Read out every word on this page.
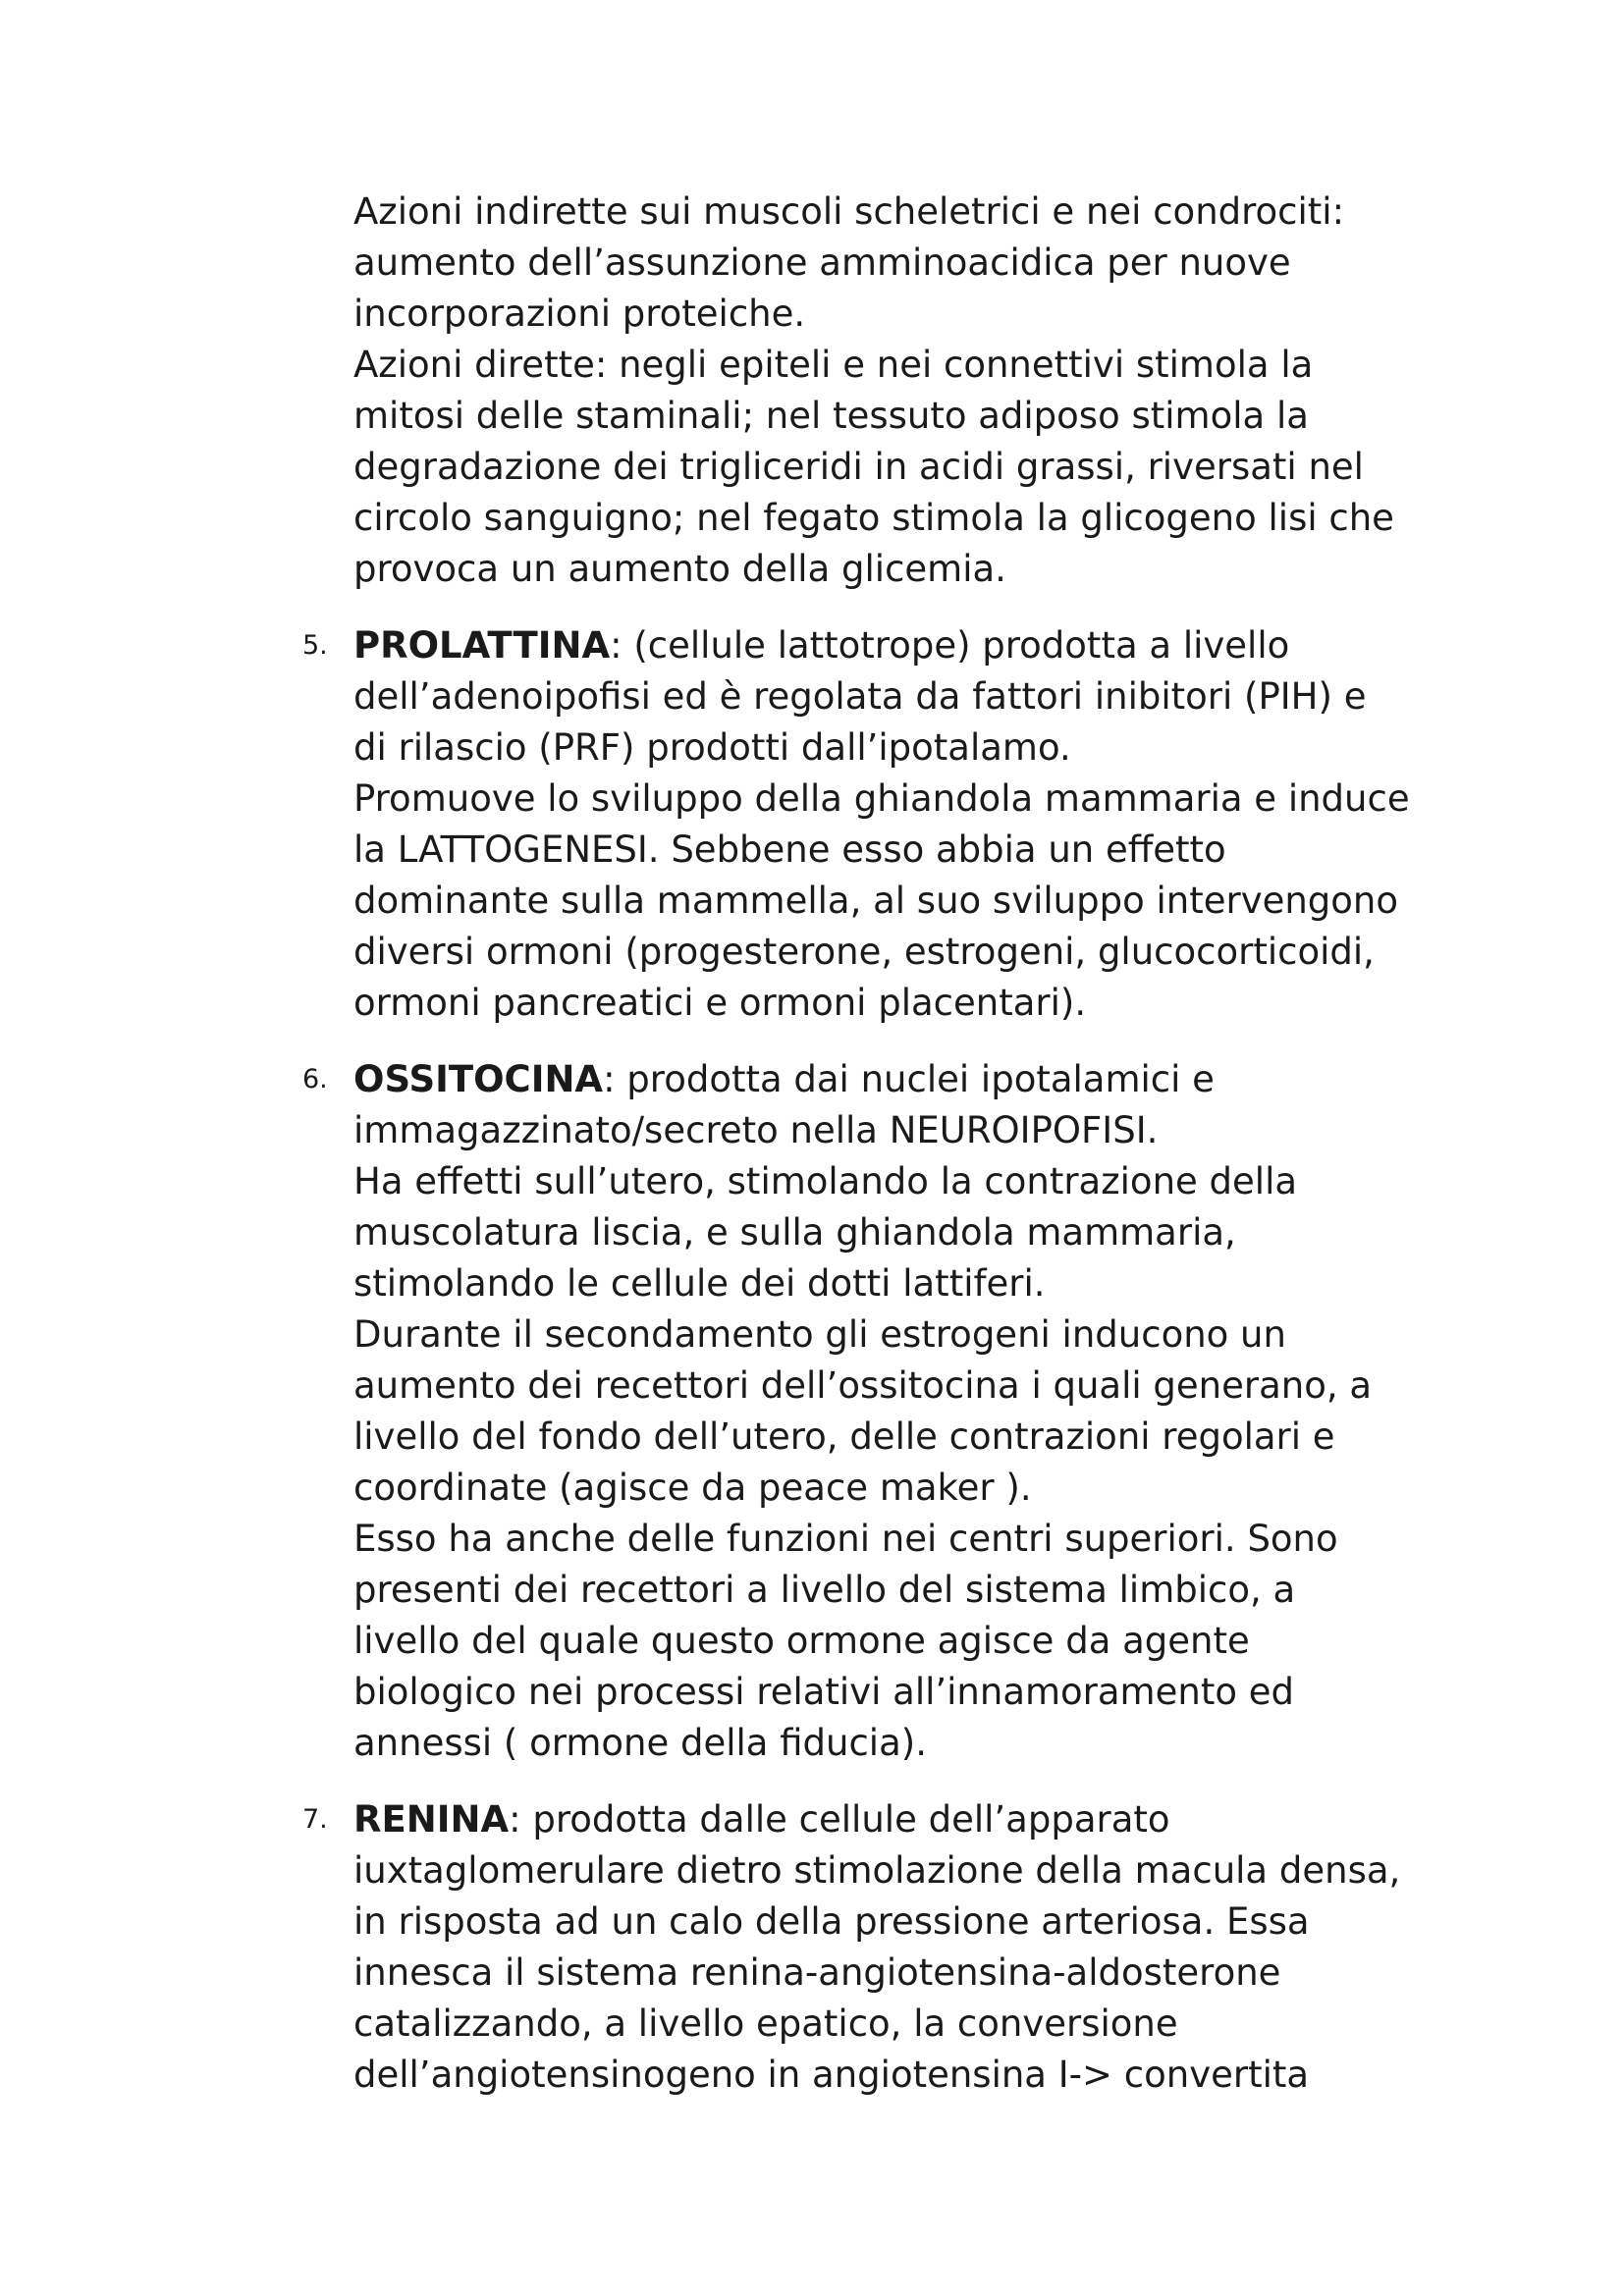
Azioni indirette sui muscoli scheletrici e nei condrociti:
aumento dell’assunzione amminoacidica per nuove
incorporazioni proteiche.
Azioni dirette: negli epiteli e nei connettivi stimola la
mitosi delle staminali; nel tessuto adiposo stimola la
degradazione dei trigliceridi in acidi grassi, riversati nel
circolo sanguigno; nel fegato stimola la glicogeno lisi che
provoca un aumento della glicemia.
5. PROLATTINA: (cellule lattotrope) prodotta a livello
dell’adenoipofisi ed è regolata da fattori inibitori (PIH) e
di rilascio (PRF) prodotti dall’ipotalamo.
Promuove lo sviluppo della ghiandola mammaria e induce
la LATTOGENESI. Sebbene esso abbia un effetto
dominante sulla mammella, al suo sviluppo intervengono
diversi ormoni (progesterone, estrogeni, glucocorticoidi,
ormoni pancreatici e ormoni placentari).
6. OSSITOCINA: prodotta dai nuclei ipotalamici e
immagazzinato/secreto nella NEUROIPOFISI.
Ha effetti sull’utero, stimolando la contrazione della
muscolatura liscia, e sulla ghiandola mammaria,
stimolando le cellule dei dotti lattiferi.
Durante il secondamento gli estrogeni inducono un
aumento dei recettori dell’ossitocina i quali generano, a
livello del fondo dell’utero, delle contrazioni regolari e
coordinate (agisce da peace maker ).
Esso ha anche delle funzioni nei centri superiori. Sono
presenti dei recettori a livello del sistema limbico, a
livello del quale questo ormone agisce da agente
biologico nei processi relativi all’innamoramento ed
annessi ( ormone della fiducia).
7. RENINA: prodotta dalle cellule dell’apparato
iuxtaglomerulare dietro stimolazione della macula densa,
in risposta ad un calo della pressione arteriosa. Essa
innesca il sistema renina-angiotensina-aldosterone
catalizzando, a livello epatico, la conversione
dell’angiotensinogeno in angiotensina I-> convertita
